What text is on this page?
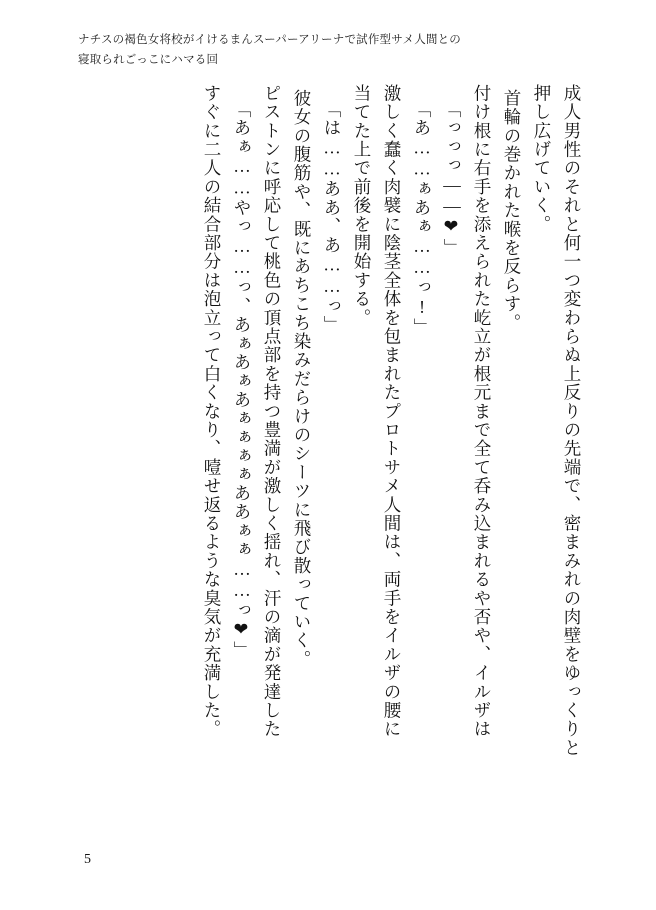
ナチスの褐色女将校がイけるまんスーパーアリーナで試作型サメ人間との
寝取られごっこにハマる回
成人男性のそれと何一つ変わらぬ上反りの先端で、密まみれの肉壁をゆっくりと
押し広げていく。
首輪の巻かれた喉を反らす。
付け根に右手を添えられた屹立が根元まで全て呑み込まれるや否や、イルザは
「っっっ――❤」
「あ……ぁあぁ……っ!」
激しく蠢く肉襞に陰茎全体を包まれたプロトサメ人間は、両手をイルザの腰に
当てた上で前後を開始する。
「は……ああ、あ……っ」
彼女の腹筋や、既にあちこち染みだらけのシーツに飛び散っていく。
ピストンに呼応して桃色の頂点部を持つ豊満が激しく揺れ、汗の滴が発達した
「あぁ……やっ……っ、あぁあぁあぁぁぁぁああぁぁ……っ❤」
すぐに二人の結合部分は泡立って白くなり、噎せ返るような臭気が充満した。
5
